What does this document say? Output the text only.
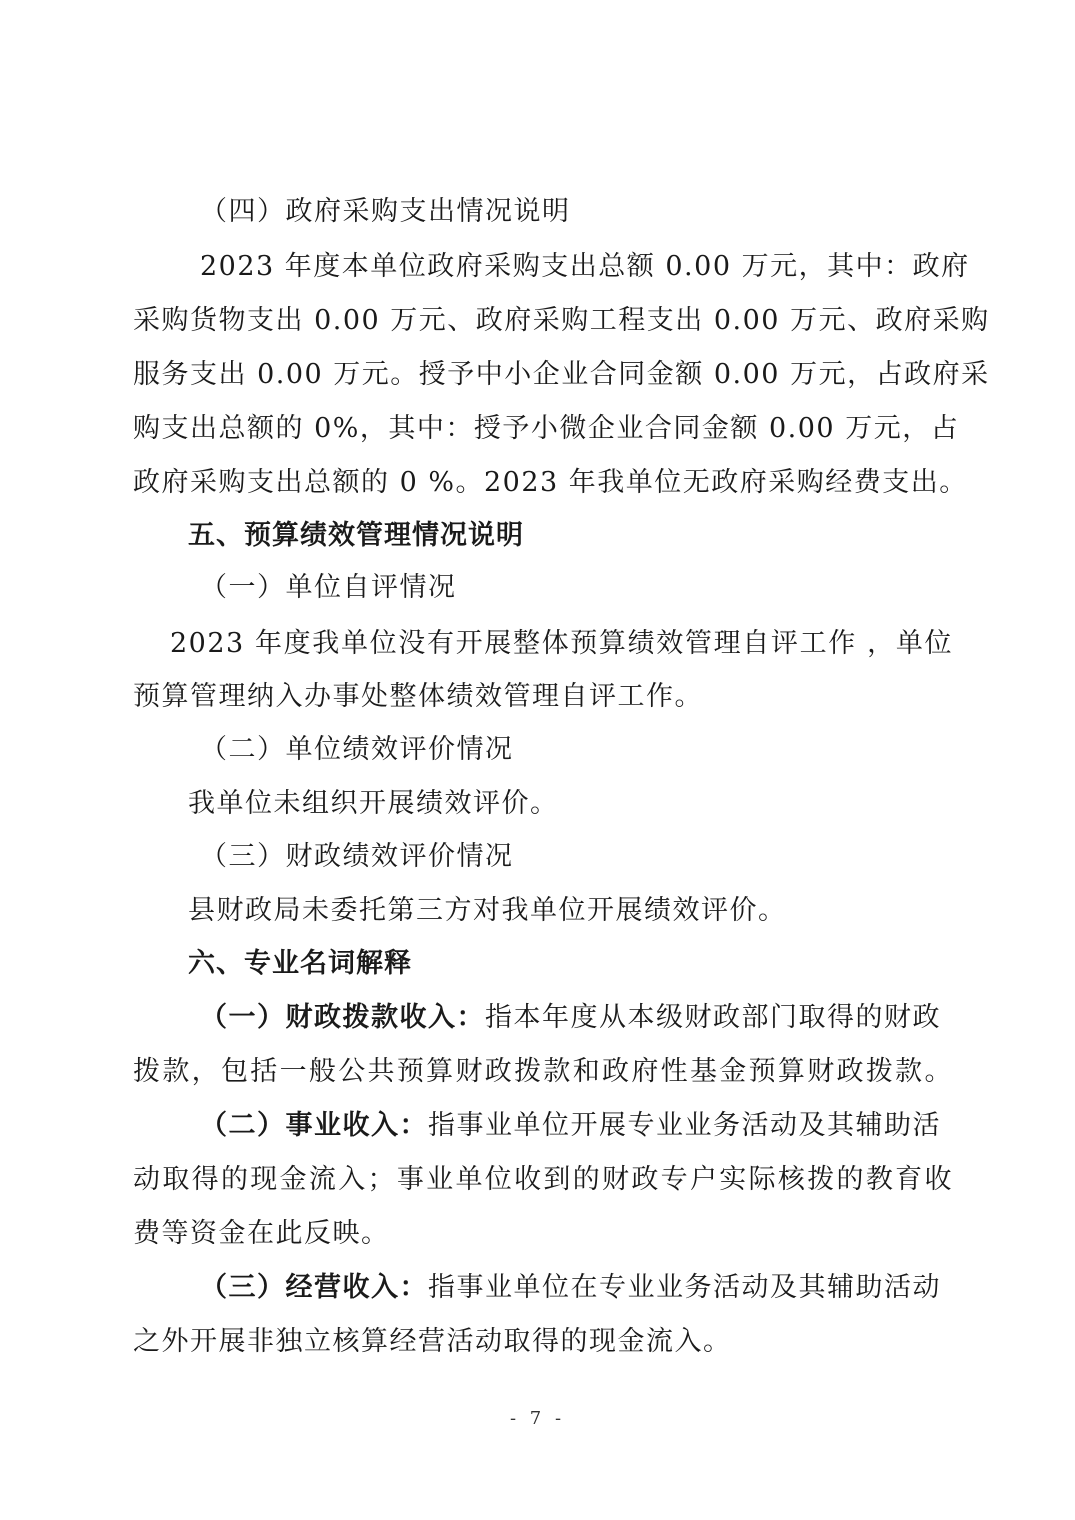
（四）政府采购支出情况说明
2023 年度本单位政府采购支出总额 0.00 万元，其中：政府
采购货物支出 0.00 万元、政府采购工程支出 0.00 万元、政府采购
服务支出 0.00 万元。授予中小企业合同金额 0.00 万元，占政府采
购支出总额的 0%，其中：授予小微企业合同金额 0.00 万元，占
政府采购支出总额的 0 %。2023 年我单位无政府采购经费支出。
五、预算绩效管理情况说明
（一）单位自评情况
2023 年度我单位没有开展整体预算绩效管理自评工作 ，单位
预算管理纳入办事处整体绩效管理自评工作。
（二）单位绩效评价情况
我单位未组织开展绩效评价。
（三）财政绩效评价情况
县财政局未委托第三方对我单位开展绩效评价。
六、专业名词解释
（一）财政拨款收入：指本年度从本级财政部门取得的财政
拨款，包括一般公共预算财政拨款和政府性基金预算财政拨款。
（二）事业收入：指事业单位开展专业业务活动及其辅助活
动取得的现金流入；事业单位收到的财政专户实际核拨的教育收
费等资金在此反映。
（三）经营收入：指事业单位在专业业务活动及其辅助活动
之外开展非独立核算经营活动取得的现金流入。
- 7 -
